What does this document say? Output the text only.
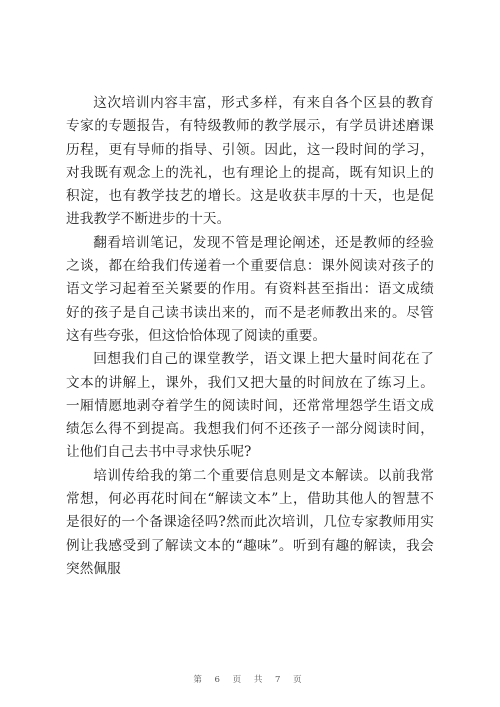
这次培训内容丰富，形式多样，有来自各个区县的教育专家的专题报告，有特级教师的教学展示，有学员讲述磨课历程，更有导师的指导、引领。因此，这一段时间的学习，对我既有观念上的洗礼，也有理论上的提高，既有知识上的积淀，也有教学技艺的增长。这是收获丰厚的十天，也是促进我教学不断进步的十天。

翻看培训笔记，发现不管是理论阐述，还是教师的经验之谈，都在给我们传递着一个重要信息：课外阅读对孩子的语文学习起着至关紧要的作用。有资料甚至指出：语文成绩好的孩子是自己读书读出来的，而不是老师教出来的。尽管这有些夸张，但这恰恰体现了阅读的重要。

回想我们自己的课堂教学，语文课上把大量时间花在了文本的讲解上，课外，我们又把大量的时间放在了练习上。一厢情愿地剥夺着学生的阅读时间，还常常埋怨学生语文成绩怎么得不到提高。我想我们何不还孩子一部分阅读时间，让他们自己去书中寻求快乐呢?

培训传给我的第二个重要信息则是文本解读。以前我常常想，何必再花时间在“解读文本”上，借助其他人的智慧不是很好的一个备课途径吗?然而此次培训，几位专家教师用实例让我感受到了解读文本的“趣味”。听到有趣的解读，我会突然佩服

第 6 页 共 7 页
